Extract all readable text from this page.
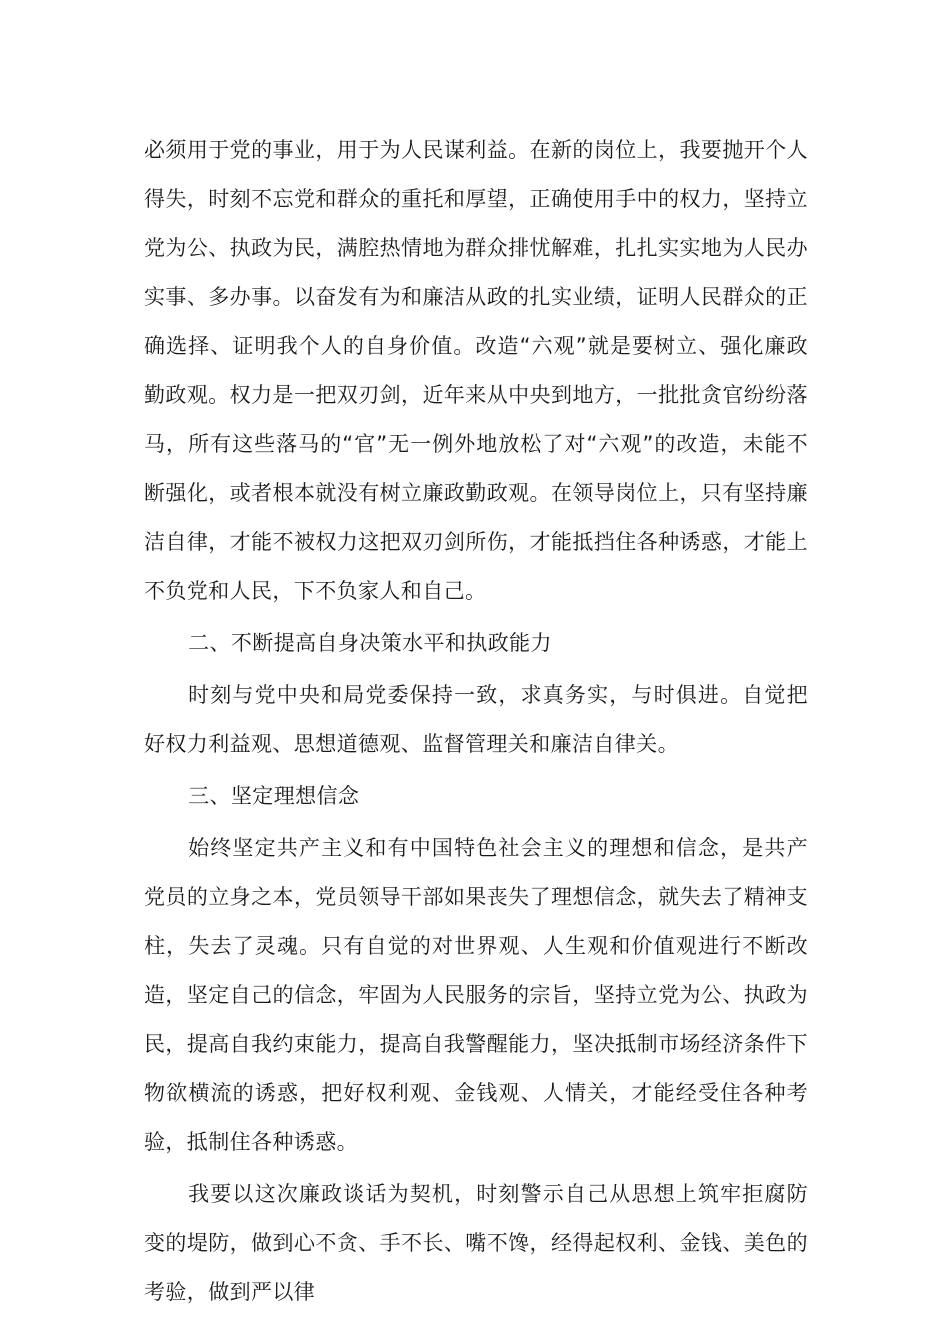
必须用于党的事业，用于为人民谋利益。在新的岗位上，我要抛开个人得失，时刻不忘党和群众的重托和厚望，正确使用手中的权力，坚持立党为公、执政为民，满腔热情地为群众排忧解难，扎扎实实地为人民办实事、多办事。以奋发有为和廉洁从政的扎实业绩，证明人民群众的正确选择、证明我个人的自身价值。改造“六观”就是要树立、强化廉政勤政观。权力是一把双刃剑，近年来从中央到地方，一批批贪官纷纷落马，所有这些落马的“官”无一例外地放松了对“六观”的改造，未能不断强化，或者根本就没有树立廉政勤政观。在领导岗位上，只有坚持廉洁自律，才能不被权力这把双刃剑所伤，才能抵挡住各种诱惑，才能上不负党和人民，下不负家人和自己。

二、不断提高自身决策水平和执政能力

时刻与党中央和局党委保持一致，求真务实，与时俱进。自觉把好权力利益观、思想道德观、监督管理关和廉洁自律关。

三、坚定理想信念

始终坚定共产主义和有中国特色社会主义的理想和信念，是共产党员的立身之本，党员领导干部如果丧失了理想信念，就失去了精神支柱，失去了灵魂。只有自觉的对世界观、人生观和价值观进行不断改造，坚定自己的信念，牢固为人民服务的宗旨，坚持立党为公、执政为民，提高自我约束能力，提高自我警醒能力，坚决抵制市场经济条件下物欲横流的诱惑，把好权利观、金钱观、人情关，才能经受住各种考验，抵制住各种诱惑。

我要以这次廉政谈话为契机，时刻警示自己从思想上筑牢拒腐防变的堤防，做到心不贪、手不长、嘴不馋，经得起权利、金钱、美色的考验，做到严以律
